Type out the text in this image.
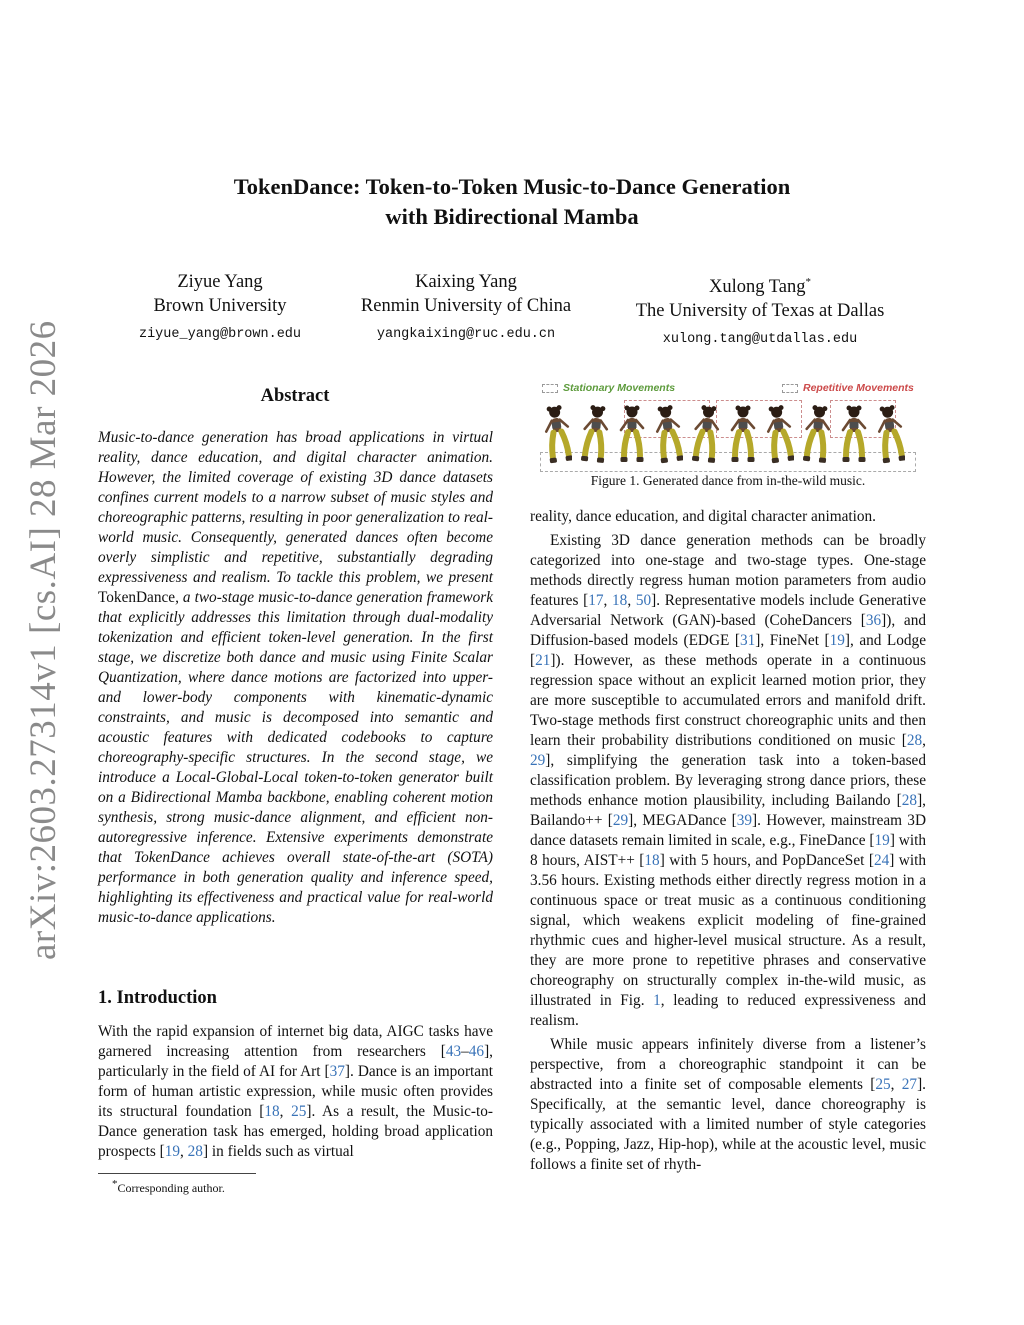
arXiv:2603.27314v1 [cs.AI] 28 Mar 2026
TokenDance: Token-to-Token Music-to-Dance Generation
with Bidirectional Mamba
Ziyue Yang
Brown University
ziyue_yang@brown.edu
Kaixing Yang
Renmin University of China
yangkaixing@ruc.edu.cn
Xulong Tang*
The University of Texas at Dallas
xulong.tang@utdallas.edu
Abstract
Music-to-dance generation has broad applications in virtual reality, dance education, and digital character animation. However, the limited coverage of existing 3D dance datasets confines current models to a narrow subset of music styles and choreographic patterns, resulting in poor generalization to real-world music. Consequently, generated dances often become overly simplistic and repetitive, substantially degrading expressiveness and realism. To tackle this problem, we present TokenDance, a two-stage music-to-dance generation framework that explicitly addresses this limitation through dual-modality tokenization and efficient token-level generation. In the first stage, we discretize both dance and music using Finite Scalar Quantization, where dance motions are factorized into upper- and lower-body components with kinematic-dynamic constraints, and music is decomposed into semantic and acoustic features with dedicated codebooks to capture choreography-specific structures. In the second stage, we introduce a Local-Global-Local token-to-token generator built on a Bidirectional Mamba backbone, enabling coherent motion synthesis, strong music-dance alignment, and efficient non-autoregressive inference. Extensive experiments demonstrate that TokenDance achieves overall state-of-the-art (SOTA) performance in both generation quality and inference speed, highlighting its effectiveness and practical value for real-world music-to-dance applications.
1. Introduction
With the rapid expansion of internet big data, AIGC tasks have garnered increasing attention from researchers [43–46], particularly in the field of AI for Art [37]. Dance is an important form of human artistic expression, while music often provides its structural foundation [18, 25]. As a result, the Music-to-Dance generation task has emerged, holding broad application prospects [19, 28] in fields such as virtual
*Corresponding author.
Stationary Movements	Repetitive Movements
Figure 1. Generated dance from in-the-wild music.

reality, dance education, and digital character animation.

Existing 3D dance generation methods can be broadly categorized into one-stage and two-stage types. One-stage methods directly regress human motion parameters from audio features [17, 18, 50]. Representative models include Generative Adversarial Network (GAN)-based (CoheDancers [36]), and Diffusion-based models (EDGE [31], FineNet [19], and Lodge [21]). However, as these methods operate in a continuous regression space without an explicit learned motion prior, they are more susceptible to accumulated errors and manifold drift. Two-stage methods first construct choreographic units and then learn their probability distributions conditioned on music [28, 29], simplifying the generation task into a token-based classification problem. By leveraging strong dance priors, these methods enhance motion plausibility, including Bailando [28], Bailando++ [29], MEGADance [39]. However, mainstream 3D dance datasets remain limited in scale, e.g., FineDance [19] with 8 hours, AIST++ [18] with 5 hours, and PopDanceSet [24] with 3.56 hours. Existing methods either directly regress motion in a continuous space or treat music as a continuous conditioning signal, which weakens explicit modeling of fine-grained rhythmic cues and higher-level musical structure. As a result, they are more prone to repetitive phrases and conservative choreography on structurally complex in-the-wild music, as illustrated in Fig. 1, leading to reduced expressiveness and realism.

While music appears infinitely diverse from a listener’s perspective, from a choreographic standpoint it can be abstracted into a finite set of composable elements [25, 27]. Specifically, at the semantic level, dance choreography is typically associated with a limited number of style categories (e.g., Popping, Jazz, Hip-hop), while at the acoustic level, music follows a finite set of rhyth-
